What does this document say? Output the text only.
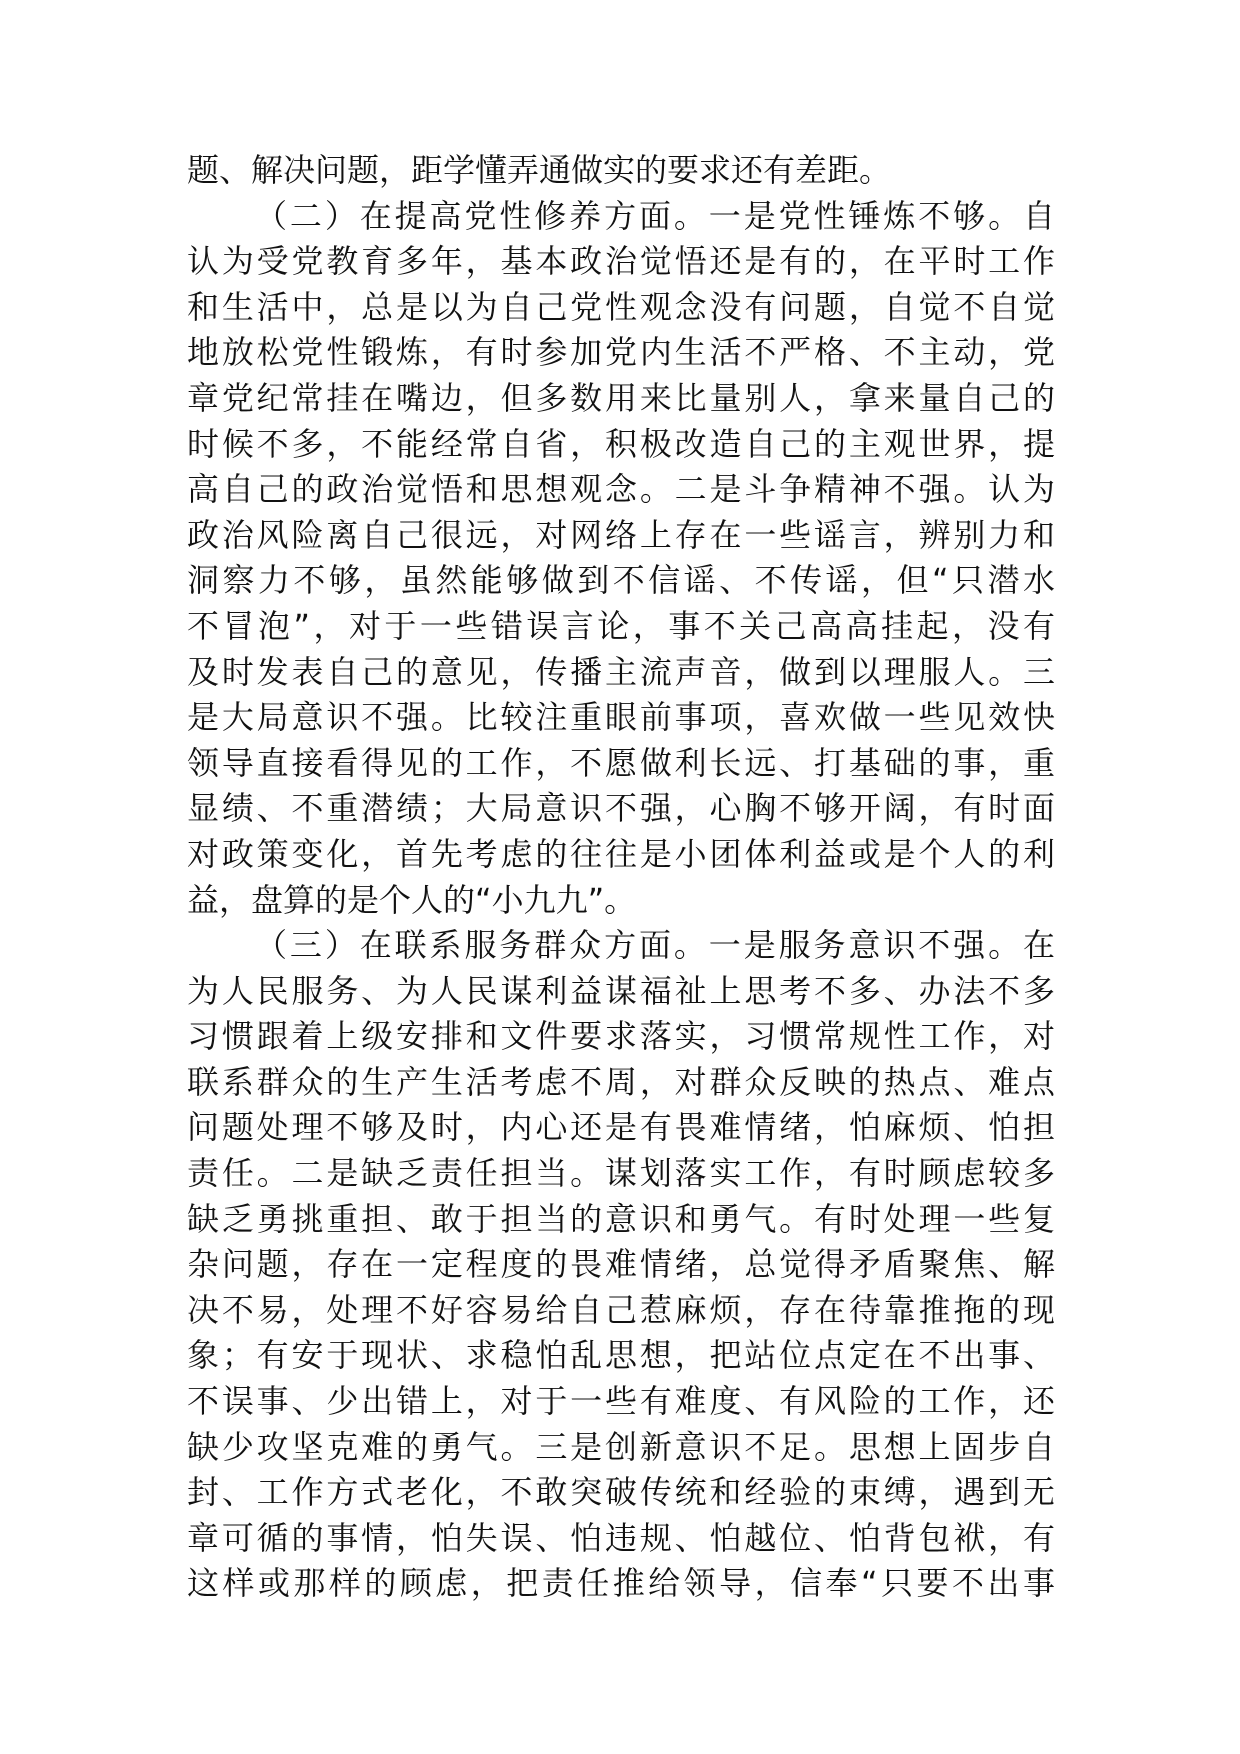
题、解决问题，距学懂弄通做实的要求还有差距。
（二）在提高党性修养方面。一是党性锤炼不够。自
认为受党教育多年，基本政治觉悟还是有的，在平时工作
和生活中，总是以为自己党性观念没有问题，自觉不自觉
地放松党性锻炼，有时参加党内生活不严格、不主动，党
章党纪常挂在嘴边，但多数用来比量别人，拿来量自己的
时候不多，不能经常自省，积极改造自己的主观世界，提
高自己的政治觉悟和思想观念。二是斗争精神不强。认为
政治风险离自己很远，对网络上存在一些谣言，辨别力和
洞察力不够，虽然能够做到不信谣、不传谣，但“只潜水
不冒泡”，对于一些错误言论，事不关己高高挂起，没有
及时发表自己的意见，传播主流声音，做到以理服人。三
是大局意识不强。比较注重眼前事项，喜欢做一些见效快
领导直接看得见的工作，不愿做利长远、打基础的事，重
显绩、不重潜绩；大局意识不强，心胸不够开阔，有时面
对政策变化，首先考虑的往往是小团体利益或是个人的利
益，盘算的是个人的“小九九”。
（三）在联系服务群众方面。一是服务意识不强。在
为人民服务、为人民谋利益谋福祉上思考不多、办法不多
习惯跟着上级安排和文件要求落实，习惯常规性工作，对
联系群众的生产生活考虑不周，对群众反映的热点、难点
问题处理不够及时，内心还是有畏难情绪，怕麻烦、怕担
责任。二是缺乏责任担当。谋划落实工作，有时顾虑较多
缺乏勇挑重担、敢于担当的意识和勇气。有时处理一些复
杂问题，存在一定程度的畏难情绪，总觉得矛盾聚焦、解
决不易，处理不好容易给自己惹麻烦，存在待靠推拖的现
象；有安于现状、求稳怕乱思想，把站位点定在不出事、
不误事、少出错上，对于一些有难度、有风险的工作，还
缺少攻坚克难的勇气。三是创新意识不足。思想上固步自
封、工作方式老化，不敢突破传统和经验的束缚，遇到无
章可循的事情，怕失误、怕违规、怕越位、怕背包袱，有
这样或那样的顾虑，把责任推给领导，信奉“只要不出事
